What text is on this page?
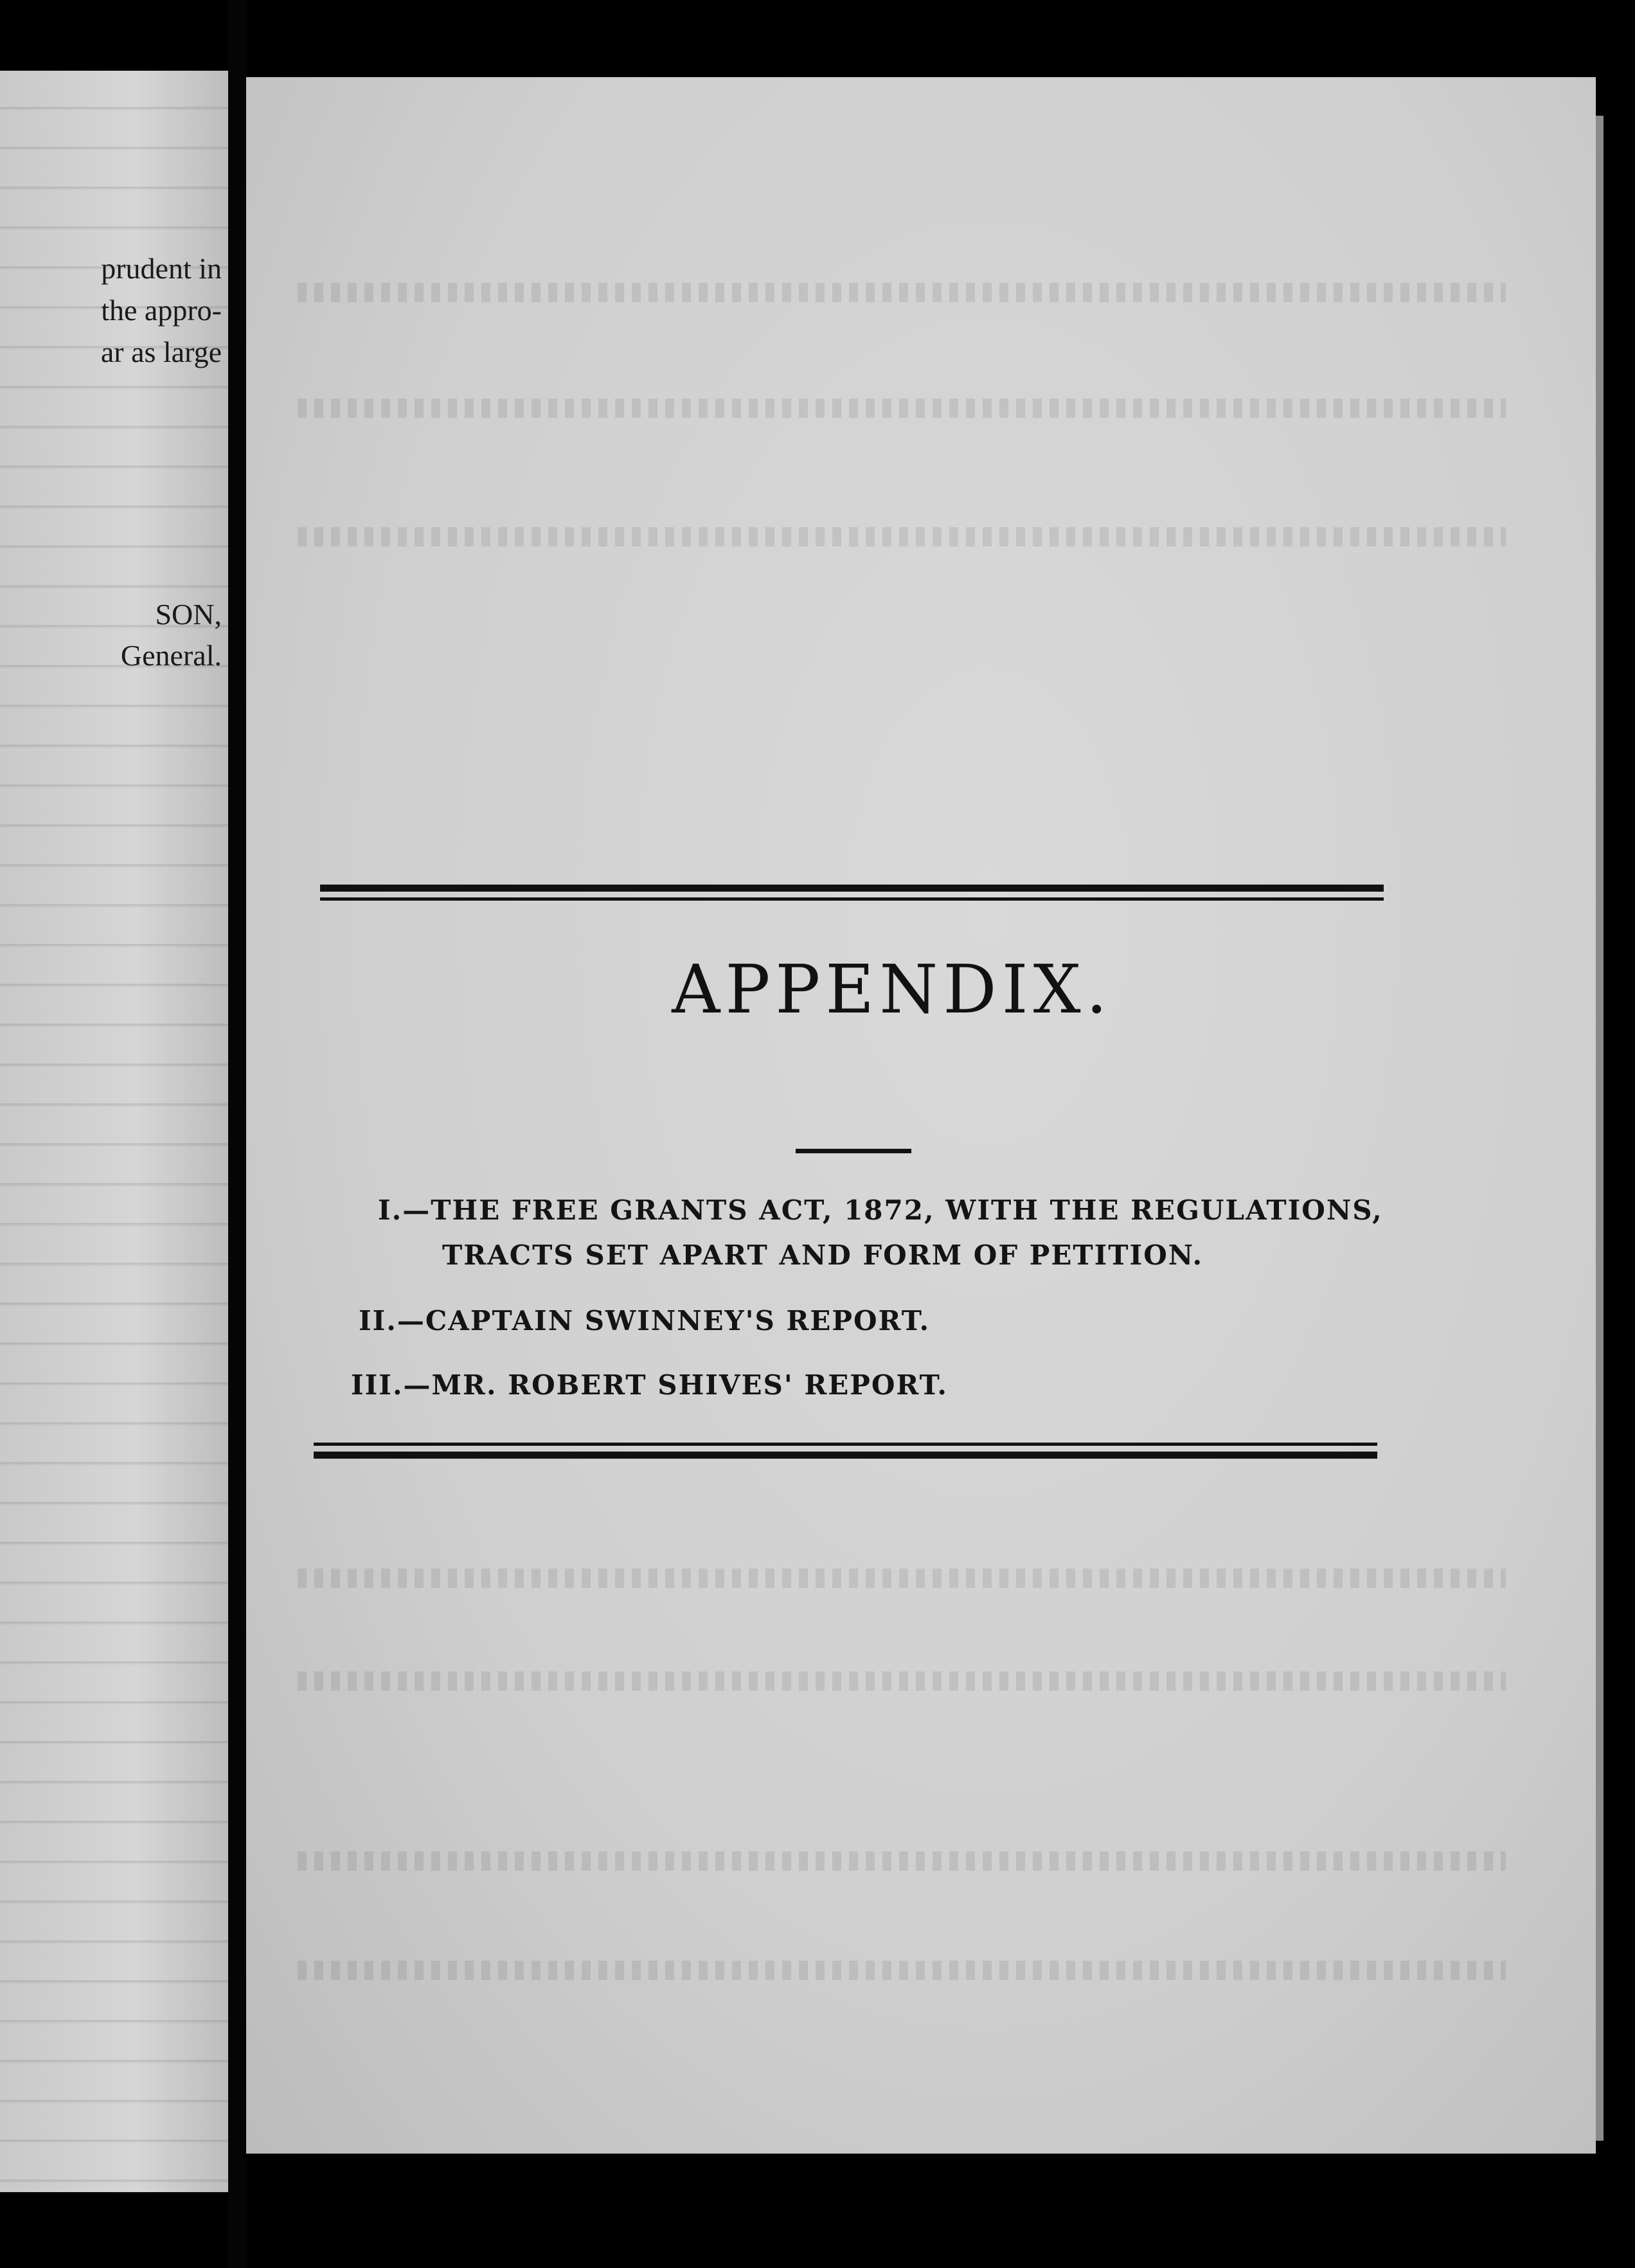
prudent in

the appro-

ar as large

SON,

General.

APPENDIX.

I.—THE FREE GRANTS ACT, 1872, WITH THE REGULATIONS,

TRACTS SET APART AND FORM OF PETITION.

II.—CAPTAIN SWINNEY'S REPORT.

III.—MR. ROBERT SHIVES' REPORT.
